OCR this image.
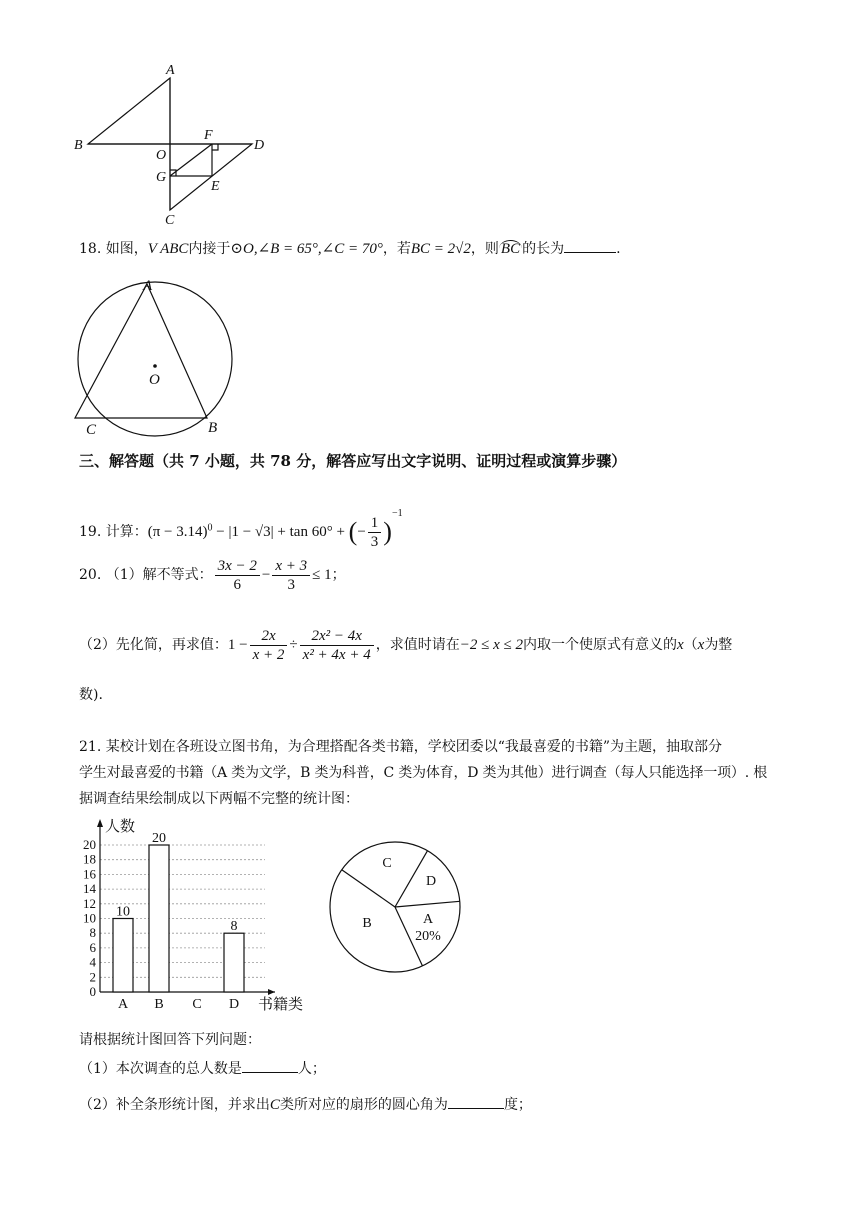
A
B
O
F
D
G
E
C
18. 如图，V ABC内接于⊙O,∠B = 65°,∠C = 70°，若BC = 2√2，则 BC 的长为	.
A
O
C	B
三、解答题（共 7 小题，共 78 分，解答应写出文字说明、证明过程或演算步骤）
19. 计算：$(\pi - 3.14)^0 - |1 - √3| + \tan 60^\circ$ + (− $\frac{1}{3} )^{-1}$
20. （1）解不等式： $\frac{3x - 2}{6} - \frac{x + 3}{3} \le 1$；
（2）先化简，再求值：$1 - \frac{2x}{x + 2} \div \frac{\text{2x² − 4x}}{\text{x² + 4x + 4}}$ ，求值时请在−2 ≤ x ≤ 2内取一个使原式有意义的x（x为整
数).
21. 某校计划在各班设立图书角，为合理搭配各类书籍，学校团委以“我最喜爱的书籍”为主题，抽取部分
学生对最喜爱的书籍（A 类为文学，B 类为科普，C 类为体育，D 类为其他）进行调查（每人只能选择一项）. 根
据调查结果绘制成以下两幅不完整的统计图：
0
2
4
6
8
10
12
14
16
18
20
人数
书籍类
10
A
20
B C
8
D
A
20%
B
C
D
请根据统计图回答下列问题：
（1）本次调查的总人数是	人；
（2）补全条形统计图，并求出C类所对应的扇形的圆心角为	度；
